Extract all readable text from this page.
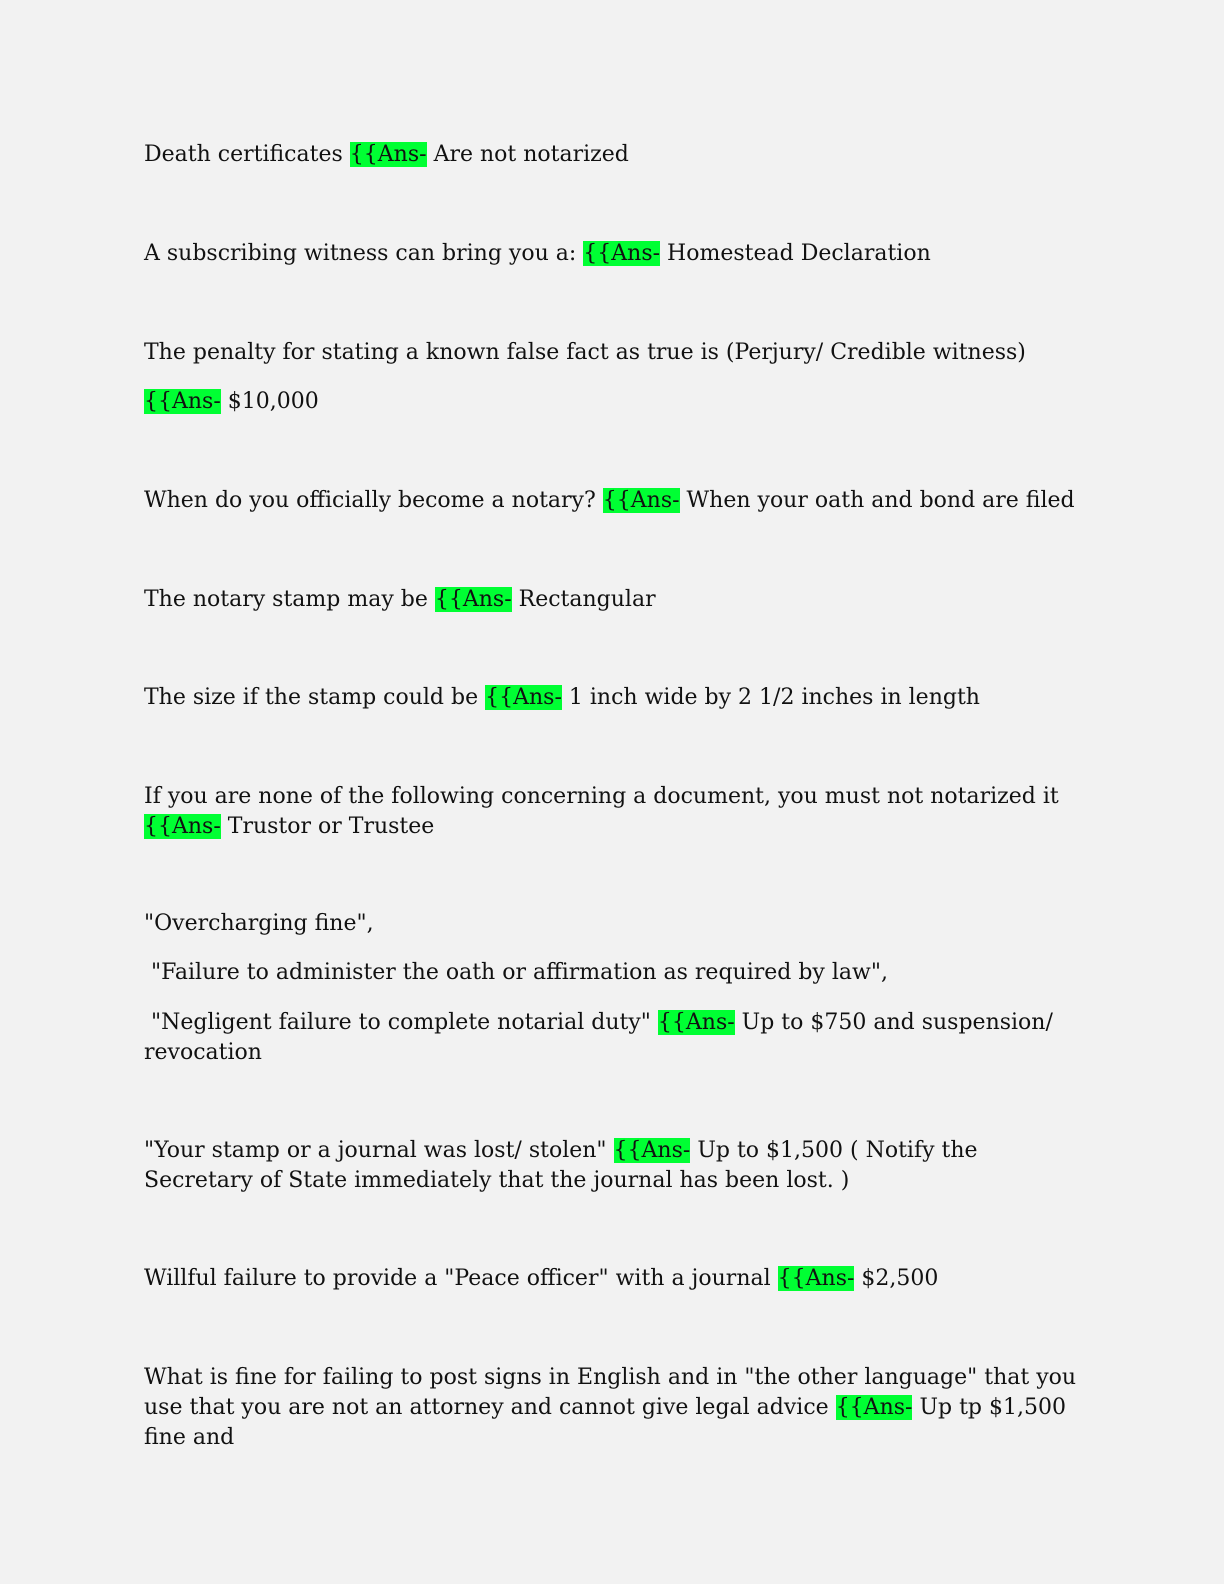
Death certificates {{Ans- Are not notarized
A subscribing witness can bring you a: {{Ans- Homestead Declaration
The penalty for stating a known false fact as true is (Perjury/ Credible witness)
{{Ans- $10,000
When do you officially become a notary? {{Ans- When your oath and bond are filed
The notary stamp may be {{Ans- Rectangular
The size if the stamp could be {{Ans- 1 inch wide by 2 1/2 inches in length
If you are none of the following concerning a document, you must not notarized it {{Ans- Trustor or Trustee
"Overcharging fine",
"Failure to administer the oath or affirmation as required by law",
"Negligent failure to complete notarial duty" {{Ans- Up to $750 and suspension/ revocation
"Your stamp or a journal was lost/ stolen" {{Ans- Up to $1,500 ( Notify the Secretary of State immediately that the journal has been lost. )
Willful failure to provide a "Peace officer" with a journal {{Ans- $2,500
What is fine for failing to post signs in English and in "the other language" that you use that you are not an attorney and cannot give legal advice {{Ans- Up tp $1,500 fine and
